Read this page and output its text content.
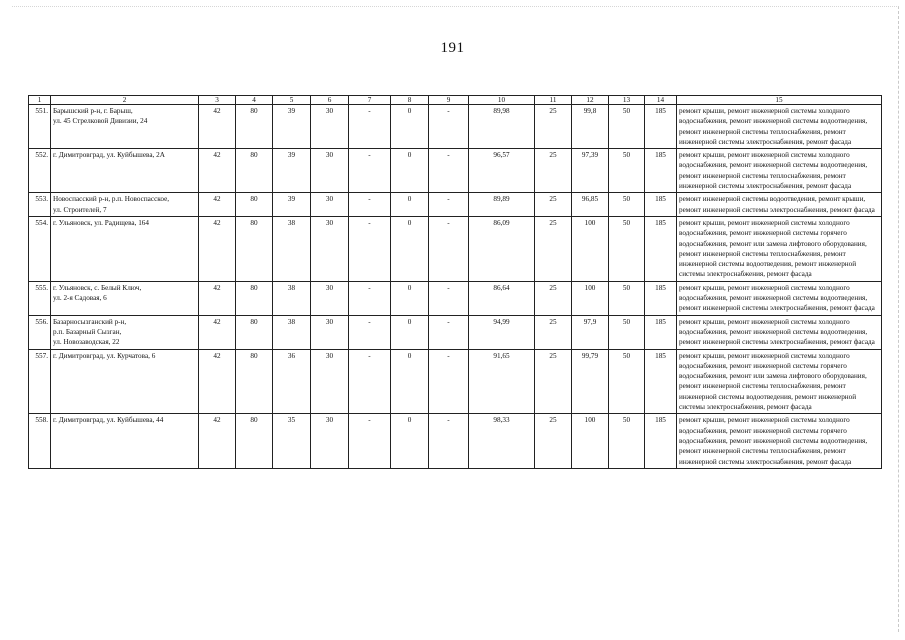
191
1	2	3	4	5	6	7	8	9	10	11	12	13	14	15
551.	Барышский р-н, г. Барыш,
ул. 45 Стрелковой Дивизии, 24	42	80	39	30	-	0	-	89,98	25	99,8	50	185	ремонт крыши, ремонт инженерной системы холодного водоснабжения, ремонт инженерной системы водоотведения, ремонт инженерной системы теплоснабжения, ремонт инженерной системы электроснабжения, ремонт фасада
552.	г. Димитровград, ул. Куйбышева, 2А	42	80	39	30	-	0	-	96,57	25	97,39	50	185	ремонт крыши, ремонт инженерной системы холодного водоснабжения, ремонт инженерной системы водоотведения, ремонт инженерной системы теплоснабжения, ремонт инженерной системы электроснабжения, ремонт фасада
553.	Новоспасский р-н, р.п. Новоспасское,
ул. Строителей, 7	42	80	39	30	-	0	-	89,89	25	96,85	50	185	ремонт инженерной системы водоотведения, ремонт крыши, ремонт инженерной системы электроснабжения, ремонт фасада
554.	г. Ульяновск, ул. Радищева, 164	42	80	38	30	-	0	-	86,09	25	100	50	185	ремонт крыши, ремонт инженерной системы холодного водоснабжения, ремонт инженерной системы горячего водоснабжения, ремонт или замена лифтового оборудования, ремонт инженерной системы теплоснабжения, ремонт инженерной системы водоотведения, ремонт инженерной системы электроснабжения, ремонт фасада
555.	г. Ульяновск, с. Белый Ключ,
ул. 2-я Садовая, 6	42	80	38	30	-	0	-	86,64	25	100	50	185	ремонт крыши, ремонт инженерной системы холодного водоснабжения, ремонт инженерной системы водоотведения, ремонт инженерной системы электроснабжения, ремонт фасада
556.	Базарносызганский р-н,
р.п. Базарный Сызган,
ул. Новозаводская, 22	42	80	38	30	-	0	-	94,99	25	97,9	50	185	ремонт крыши, ремонт инженерной системы холодного водоснабжения, ремонт инженерной системы водоотведения, ремонт инженерной системы электроснабжения, ремонт фасада
557.	г. Димитровград, ул. Курчатова, 6	42	80	36	30	-	0	-	91,65	25	99,79	50	185	ремонт крыши, ремонт инженерной системы холодного водоснабжения, ремонт инженерной системы горячего водоснабжения, ремонт или замена лифтового оборудования, ремонт инженерной системы теплоснабжения, ремонт инженерной системы водоотведения, ремонт инженерной системы электроснабжения, ремонт фасада
558.	г. Димитровград, ул. Куйбышева, 44	42	80	35	30	-	0	-	98,33	25	100	50	185	ремонт крыши, ремонт инженерной системы холодного водоснабжения, ремонт инженерной системы горячего водоснабжения, ремонт инженерной системы водоотведения, ремонт инженерной системы теплоснабжения, ремонт инженерной системы электроснабжения, ремонт фасада
